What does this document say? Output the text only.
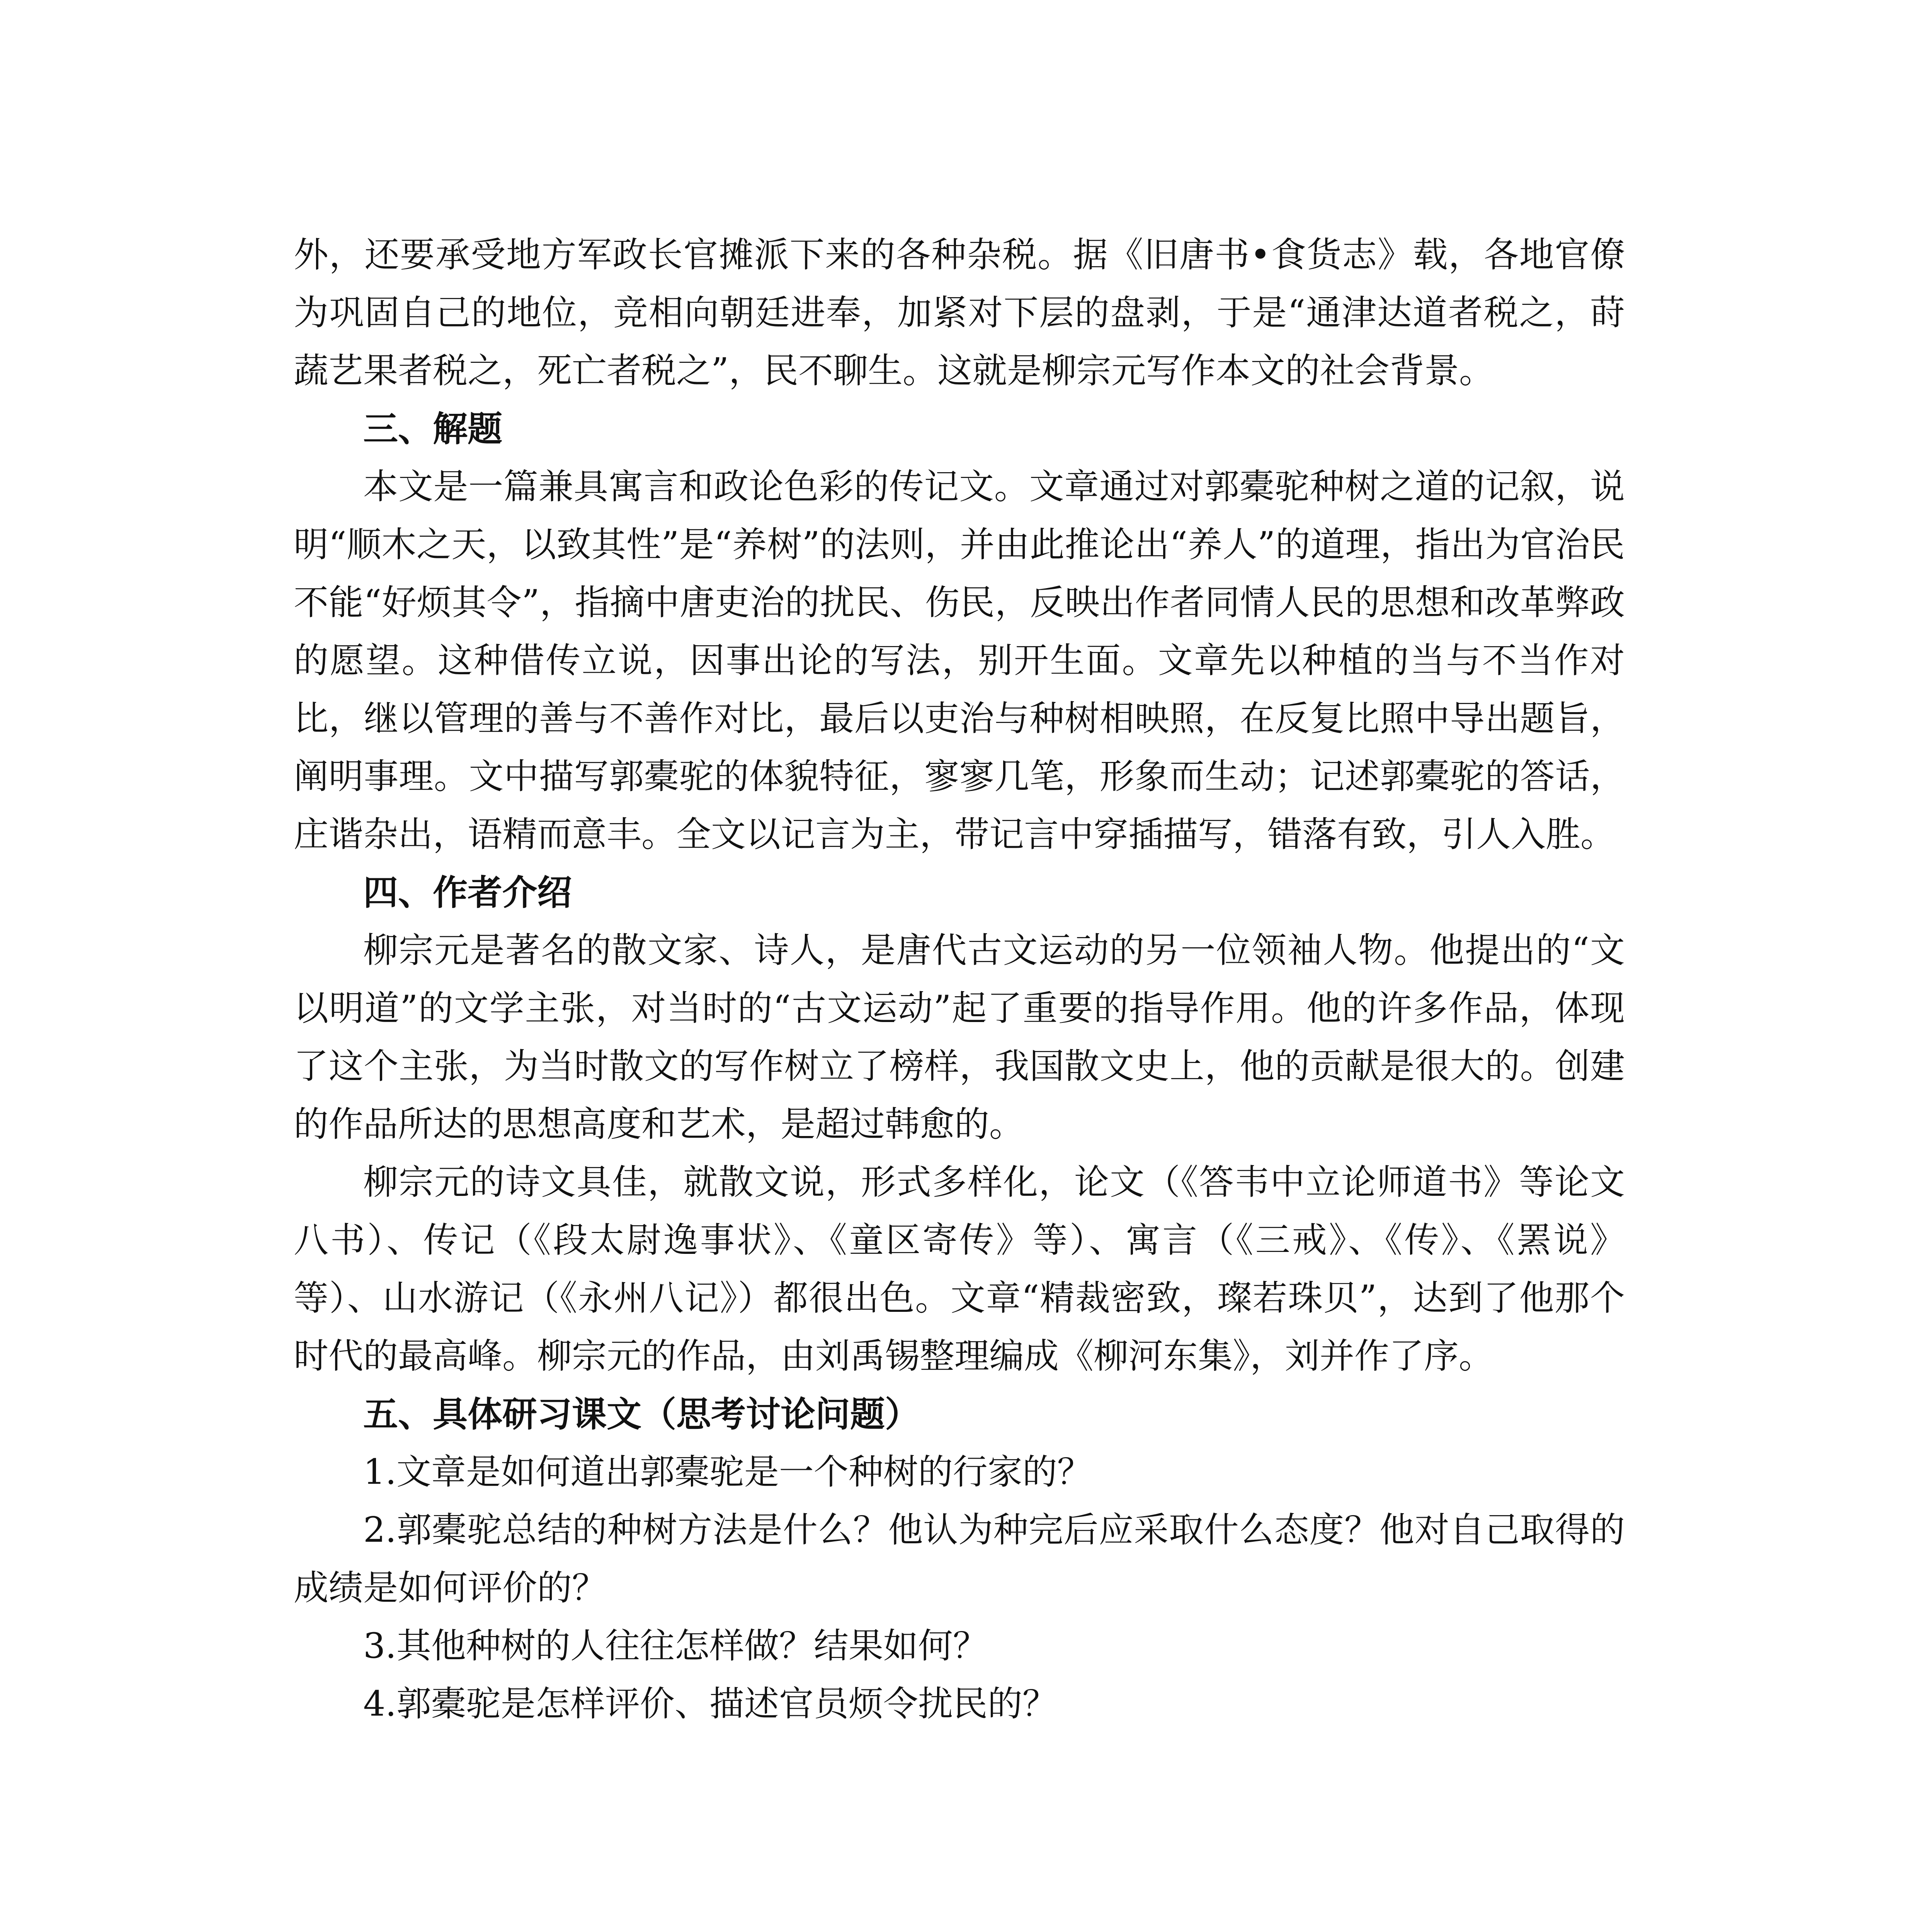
外，还要承受地方军政长官摊派下来的各种杂税。据《旧唐书•食货志》载，各地官僚为巩固自己的地位，竞相向朝廷进奉，加紧对下层的盘剥，于是“通津达道者税之，莳蔬艺果者税之，死亡者税之”，民不聊生。这就是柳宗元写作本文的社会背景。

三、解题

本文是一篇兼具寓言和政论色彩的传记文。文章通过对郭橐驼种树之道的记叙，说明“顺木之天，以致其性”是“养树”的法则，并由此推论出“养人”的道理，指出为官治民不能“好烦其令”，指摘中唐吏治的扰民、伤民，反映出作者同情人民的思想和改革弊政的愿望。这种借传立说，因事出论的写法，别开生面。文章先以种植的当与不当作对比，继以管理的善与不善作对比，最后以吏治与种树相映照，在反复比照中导出题旨，阐明事理。文中描写郭橐驼的体貌特征，寥寥几笔，形象而生动；记述郭橐驼的答话，庄谐杂出，语精而意丰。全文以记言为主，带记言中穿插描写，错落有致，引人入胜。

四、作者介绍

柳宗元是著名的散文家、诗人，是唐代古文运动的另一位领袖人物。他提出的“文以明道”的文学主张，对当时的“古文运动”起了重要的指导作用。他的许多作品，体现了这个主张，为当时散文的写作树立了榜样，我国散文史上，他的贡献是很大的。创建的作品所达的思想高度和艺术，是超过韩愈的。

柳宗元的诗文具佳，就散文说，形式多样化，论文（《答韦中立论师道书》等论文八书）、传记（《段太尉逸事状》、《童区寄传》等）、寓言（《三戒》、《传》、《罴说》等）、山水游记（《永州八记》）都很出色。文章“精裁密致，璨若珠贝”，达到了他那个时代的最高峰。柳宗元的作品，由刘禹锡整理编成《柳河东集》，刘并作了序。

五、具体研习课文（思考讨论问题）

1.文章是如何道出郭橐驼是一个种树的行家的？

2.郭橐驼总结的种树方法是什么？他认为种完后应采取什么态度？他对自己取得的成绩是如何评价的？

3.其他种树的人往往怎样做？结果如何？

4.郭橐驼是怎样评价、描述官员烦令扰民的？
